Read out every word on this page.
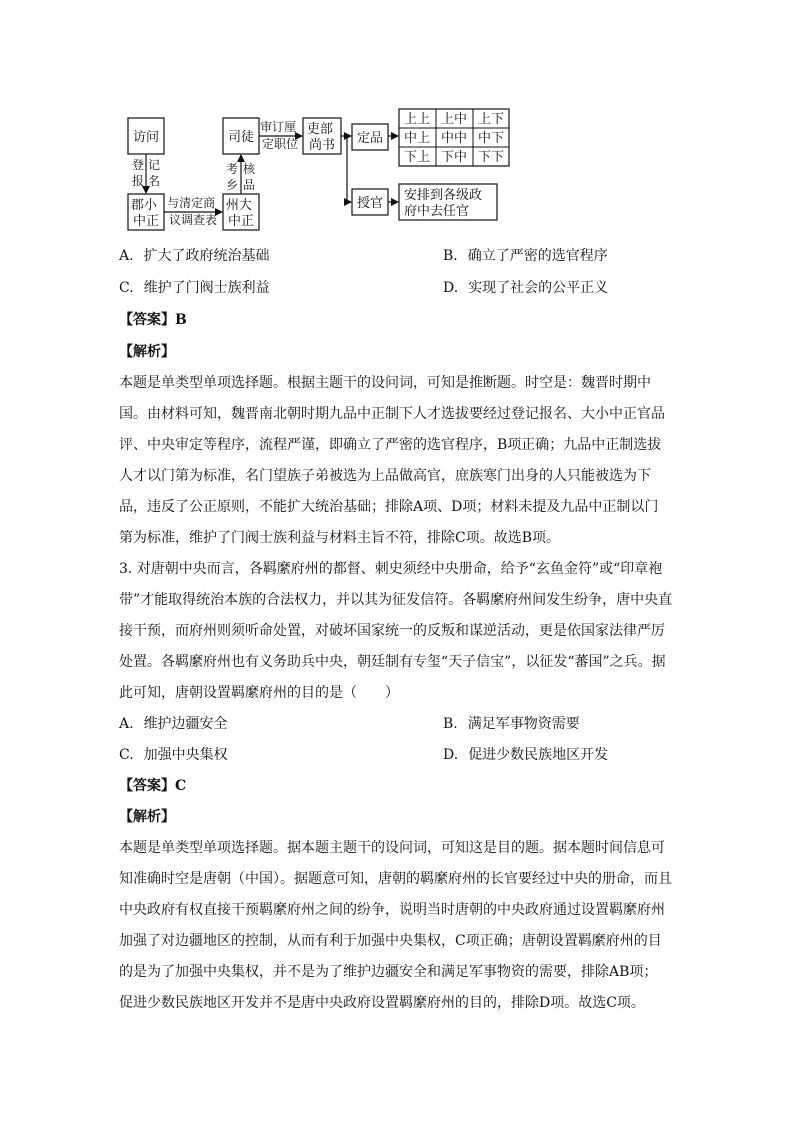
访问
登报
记名
郡小 中正
与清定商 议调查表
州大 中正
考乡
核品
司徒
审订厘 定职位
吏部 尚书 定品
上上 上中 上下
中上 中中 中下
下上 下中 下下
授官
安排到各级政 府中去任官
A. 扩大了政府统治基础	B. 确立了严密的选官程序
C. 维护了门阀士族利益	D. 实现了社会的公平正义
【答案】B
【解析】
本题是单类型单项选择题。根据主题干的设问词，可知是推断题。时空是：魏晋时期中
国。由材料可知，魏晋南北朝时期九品中正制下人才选拔要经过登记报名、大小中正官品
评、中央审定等程序，流程严谨，即确立了严密的选官程序，B项正确；九品中正制选拔
人才以门第为标准，名门望族子弟被选为上品做高官，庶族寒门出身的人只能被选为下
品，违反了公正原则，不能扩大统治基础；排除A项、D项；材料未提及九品中正制以门
第为标准，维护了门阀士族利益与材料主旨不符，排除C项。故选B项。
3. 对唐朝中央而言，各羁縻府州的都督、刺史须经中央册命，给予“玄鱼金符”或“印章袍
带”才能取得统治本族的合法权力，并以其为征发信符。各羁縻府州间发生纷争，唐中央直
接干预，而府州则须听命处置，对破坏国家统一的反叛和谋逆活动，更是依国家法律严厉
处置。各羁縻府州也有义务助兵中央，朝廷制有专玺“天子信宝”，以征发“蕃国”之兵。据
此可知，唐朝设置羁縻府州的目的是（　　）
A. 维护边疆安全	B. 满足军事物资需要
C. 加强中央集权	D. 促进少数民族地区开发
【答案】C
【解析】
本题是单类型单项选择题。据本题主题干的设问词，可知这是目的题。据本题时间信息可
知准确时空是唐朝（中国）。据题意可知，唐朝的羁縻府州的长官要经过中央的册命，而且
中央政府有权直接干预羁縻府州之间的纷争，说明当时唐朝的中央政府通过设置羁縻府州
加强了对边疆地区的控制，从而有利于加强中央集权，C项正确；唐朝设置羁縻府州的目
的是为了加强中央集权，并不是为了维护边疆安全和满足军事物资的需要，排除AB项；
促进少数民族地区开发并不是唐中央政府设置羁縻府州的目的，排除D项。故选C项。
